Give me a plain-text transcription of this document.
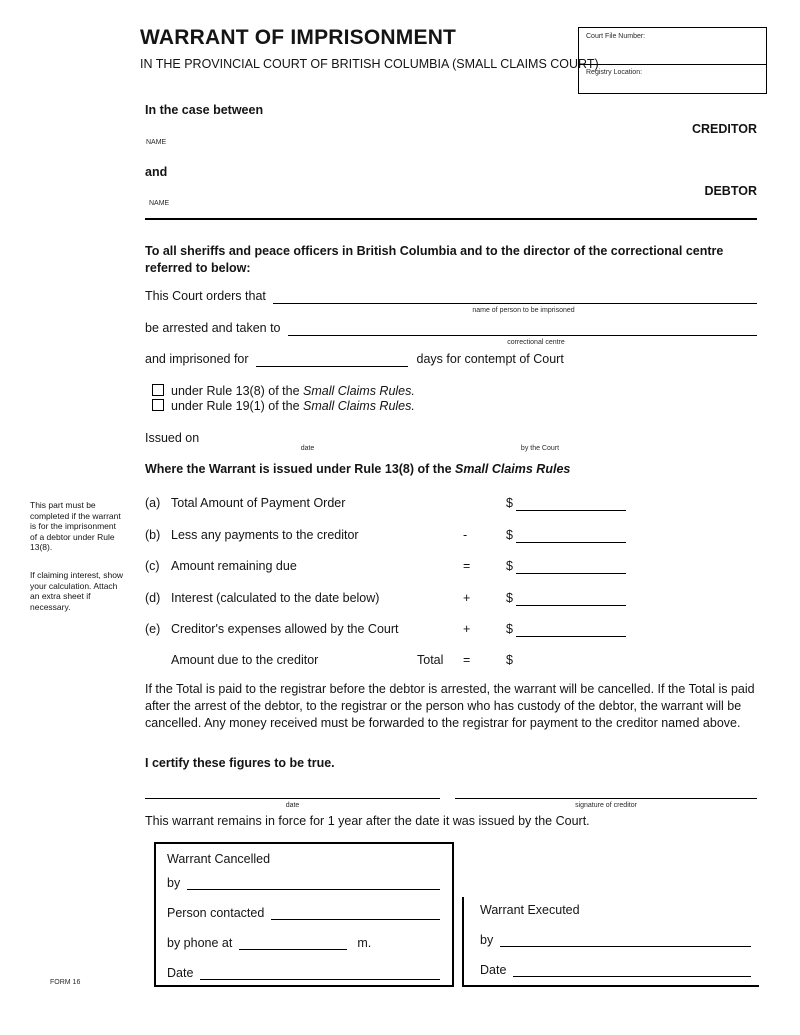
WARRANT OF IMPRISONMENT
IN THE PROVINCIAL COURT OF BRITISH COLUMBIA (SMALL CLAIMS COURT)
Court File Number:
Registry Location:
In the case between
CREDITOR
NAME
and
DEBTOR
NAME
To all sheriffs and peace officers in British Columbia and to the director of the correctional centre referred to below:
This Court orders that
name of person to be imprisoned
be arrested and taken to
correctional centre
and imprisoned for	days for contempt of Court
under Rule 13(8) of the Small Claims Rules.
under Rule 19(1) of the Small Claims Rules.
Issued on
date	by the Court
Where the Warrant is issued under Rule 13(8) of the Small Claims Rules
This part must be completed if the warrant is for the imprisonment of a debtor under Rule 13(8).
If claiming interest, show your calculation. Attach an extra sheet if necessary.
(a) Total Amount of Payment Order	$
(b) Less any payments to the creditor	-	$
(c) Amount remaining due	=	$
(d) Interest (calculated to the date below)	+	$
(e) Creditor's expenses allowed by the Court	+	$
Amount due to the creditor	Total =	$
If the Total is paid to the registrar before the debtor is arrested, the warrant will be cancelled. If the Total is paid after the arrest of the debtor, to the registrar or the person who has custody of the debtor, the warrant will be cancelled. Any money received must be forwarded to the registrar for payment to the creditor named above.
I certify these figures to be true.
date	signature of creditor
This warrant remains in force for 1 year after the date it was issued by the Court.
Warrant Cancelled
by
Person contacted
by phone at	m.
Date
Warrant Executed
by
Date
FORM 16
